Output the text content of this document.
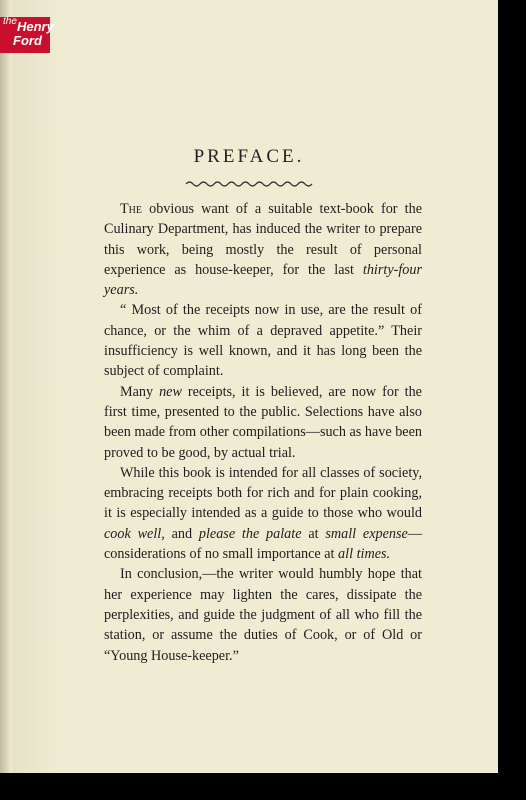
the Henry
Ford
PREFACE.

The obvious want of a suitable text-book for the Culinary Department, has induced the writer to prepare this work, being mostly the result of personal experience as house-keeper, for the last thirty-four years.

“ Most of the receipts now in use, are the result of chance, or the whim of a depraved appetite.” Their insufficiency is well known, and it has long been the subject of complaint.

Many new receipts, it is believed, are now for the first time, presented to the public. Selections have also been made from other compilations—such as have been proved to be good, by actual trial.

While this book is intended for all classes of society, embracing receipts both for rich and for plain cooking, it is especially intended as a guide to those who would cook well, and please the palate at small expense—considerations of no small importance at all times.

In conclusion,—the writer would humbly hope that her experience may lighten the cares, dissipate the perplexities, and guide the judgment of all who fill the station, or assume the duties of Cook, or of Old or “Young House-keeper.”
